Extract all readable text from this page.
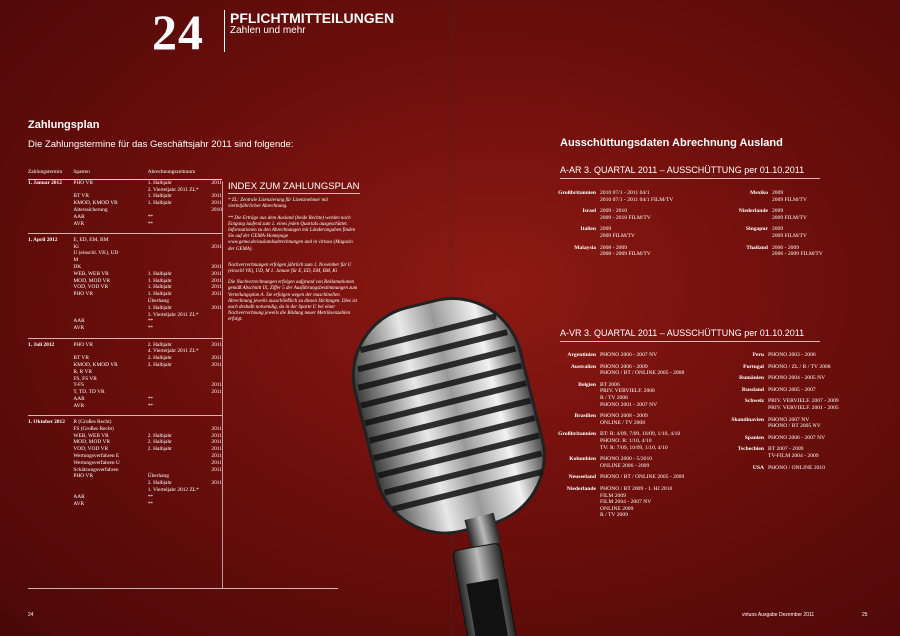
24 PFLICHTMITTEILUNGEN
Zahlen und mehr
Zahlungsplan
Die Zahlungstermine für das Geschäftsjahr 2011 sind folgende:
Zahlungstermin	Sparten	Abrechnungszeitraum	
1. Januar 2012	PHO VR	1. Halbjahr	2011
		2. Vierteljahr 2011 ZL*	
	BT VR	1. Halbjahr	2011
	KMOD, KMOD VR	1. Halbjahr	2011
	Alterssicherung		2010
	AAR	**	
	AVR	**	

1. April 2012	E, ED, EM, BM		
	Ki		2011
	U (einschl. VK), UD		
	M		
	DK		2011
	WEB, WEB VR	1. Halbjahr	2011
	MOD, MOD VR	1. Halbjahr	2011
	VOD, VOD VR	1. Halbjahr	2011
	PHO VR	1. Halbjahr	2011
		Überhang	
		1. Halbjahr	2011
		3. Vierteljahr 2011 ZL*	
	AAR	**	
	AVR	**	

1. Juli 2012	PHO VR	2. Halbjahr	2011
		4. Vierteljahr 2011 ZL*	
	BT VR	2. Halbjahr	2011
	KMOD, KMOD VR	2. Halbjahr	2011
	R, R VR		
	FS, FS VR		
	T-FS		2011
	T, TD, TD VR		2011
	AAR	**	
	AVR	**	

1. Oktober 2012	R (Großes Recht)		
	FS (Großes Recht)		2011
	WEB, WEB VR	2. Halbjahr	2011
	MOD, MOD VR	2. Halbjahr	2011
	VOD, VOD VR	2. Halbjahr	2011
	Wertungsverfahren E		2011
	Wertungsverfahren U		2011
	Schätzungsverfahren		2011
	PHO VR	Überhang	
		2. Halbjahr	2011
		1. Vierteljahr 2012 ZL*	
	AAR	**	
	AVR	**	
INDEX ZUM ZAHLUNGSPLAN

* ZL: Zentrale Lizenzierung für Lizenznehmer mit vierteljährlicher Abrechnung.

** Die Erträge aus dem Ausland (beide Rechte) werden nach Eingang laufend zum 1. eines jeden Quartals ausgeschüttet. Informationen zu den Abrechnungen mit Länderangaben finden Sie auf der GEMA-Homepage www.gema.de/auslandsabrechnungen und in virtuos (Magazin der GEMA).

Nachverrechnungen erfolgen jährlich zum 1. November für U (einschl VK), UD, M 1. Januar für E, ED, EM, BM, Ki

Die Nachverrechnungen erfolgen aufgrund von Reklamationen gemäß Abschnitt IX, Ziffer 5 der Ausführungsbestimmungen zum Verteilungsplan A. Sie erfolgen wegen der maschinellen Abrechnung jeweils ausschließlich zu diesen Stichtagen. Dies ist auch deshalb notwendig, da in der Sparte U bei einer Nachverrechnung jeweils die Bildung neuer Metriksenzahlen erfolgt.

24
Ausschüttungsdaten Abrechnung Ausland
A-AR 3. QUARTAL 2011 – AUSSCHÜTTUNG per 01.10.2011
Großbritannien 2010 07/1 - 2011 04/1
2010 07/1 - 2011 04/1 FILM/TV
Israel 2009 - 2010
2009 - 2010 FILM/TV
Italien 2009
2009 FILM/TV
Malaysia 2008 - 2009
2008 - 2009 FILM/TV
Mexiko 2009
2009 FILM/TV
Niederlande 2009
2009 FILM/TV
Singapur 2009
2009 FILM/TV
Thailand 2006 - 2009
2006 - 2009 FILM/TV
A-VR 3. QUARTAL 2011 – AUSSCHÜTTUNG per 01.10.2011
Argentinien PHONO 2006 - 2007 NV
Australien PHONO 2006 - 2009
PHONO / BT / ONLINE 2005 - 2008
Belgien BT 2006
PRIV. VERVIELF. 2008
R / TV 2008
PHONO 2001 - 2007 NV
Brasilien PHONO 2008 - 2009
ONLINE / TV 2008
Großbritannien BT: R: 4/09, 7/09, 10/09, 1/10, 4/10
PHONO: R: 1/10, 4/10
TV: R: 7/09, 10/09, 1/10, 4/10
Kolumbien PHONO 2000 - 5/2010
ONLINE 2006 - 2009
Neuseeland PHONO / BT / ONLINE 2005 - 2009
Niederlande PHONO / BT 2009 - 1. HJ 2010
FILM 2009
FILM 2004 - 2007 NV
ONLINE 2009
R / TV 2009
Peru PHONO 2003 - 2006
Portugal PHONO / ZL / R / TV 2008
Rumänien PHONO 2004 - 2005 NV
Russland PHONO 2005 - 2007
Schweiz PRIV. VERVIELF. 2007 - 2009
PRIV. VERVIELF. 2001 - 2005
Skandinavien PHONO 2007 NV
PHONO / BT 2005 NV
Spanien PHONO 2006 - 2007 NV
Tschechien BT 2007 - 2009
TV-FILM 2004 - 2009
USA PHONO / ONLINE 2010
virtuos Ausgabe Dezember 2011	25
